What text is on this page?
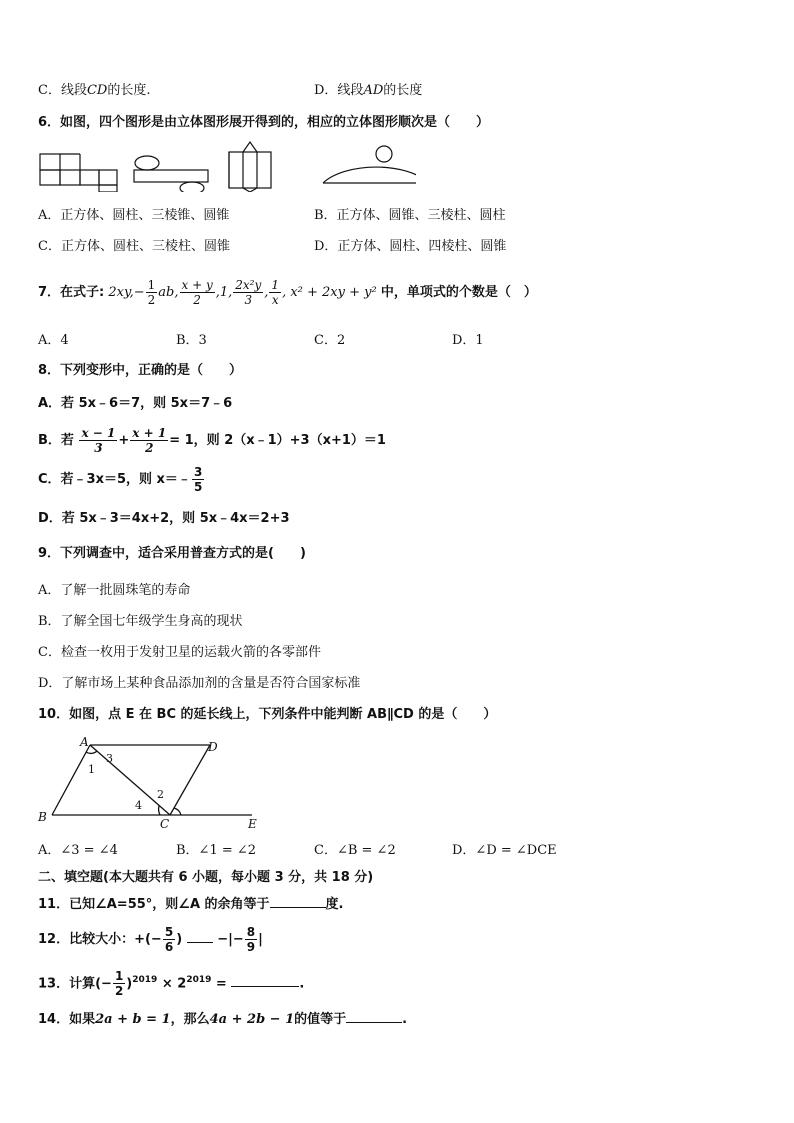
C．线段CD的长度.	D．线段AD的长度
6．如图，四个图形是由立体图形展开得到的，相应的立体图形顺次是（　　）
A．正方体、圆柱、三棱锥、圆锥	B．正方体、圆锥、三棱柱、圆柱
C．正方体、圆柱、三棱柱、圆锥	D．正方体、圆柱、四棱柱、圆锥
7．在式子: $2xy,- \frac{1}{2}$ ab, $\frac{x + y}{2} ,1$, $\frac{\text{2x²y}}{3}$ , $\frac{1}{x}$ , x² + 2xy + y² 中，单项式的个数是（　）
A．4	B．3	C．2	D．1
8．下列变形中，正确的是（　　）
A．若 5x﹣6＝7，则 5x＝7﹣6
B．若 $\frac{x - 1}{3} + \frac{x + 1}{2} = 1$，则 2（x﹣1）+3（x+1）＝1
C．若﹣3x＝5，则 x＝﹣ $\frac{3}{5}$
D．若 5x﹣3＝4x+2，则 5x﹣4x＝2+3
9．下列调查中，适合采用普查方式的是(　　)
A．了解一批圆珠笔的寿命
B．了解全国七年级学生身高的现状
C．检查一枚用于发射卫星的运载火箭的各零部件
D．了解市场上某种食品添加剂的含量是否符合国家标准
10．如图，点 E 在 BC 的延长线上，下列条件中能判断 AB∥CD 的是（　　）
A	D
B	C	E
1
3
2
4
A．∠3 = ∠4	B．∠1 = ∠2	C．∠B = ∠2	D．∠D = ∠DCE
二、填空题(本大题共有 6 小题，每小题 3 分，共 18 分)
11．已知∠A=55°，则∠A 的余角等于	度.
12．比较大小：+(− $\frac{5}{6}$ )	−|− $\frac{8}{9}$ |
13．计算(− $\frac{1}{2} )^{2019} \times 2^{2019}$ =	.
14．如果2a + b = 1，那么4a + 2b − 1的值等于	.
